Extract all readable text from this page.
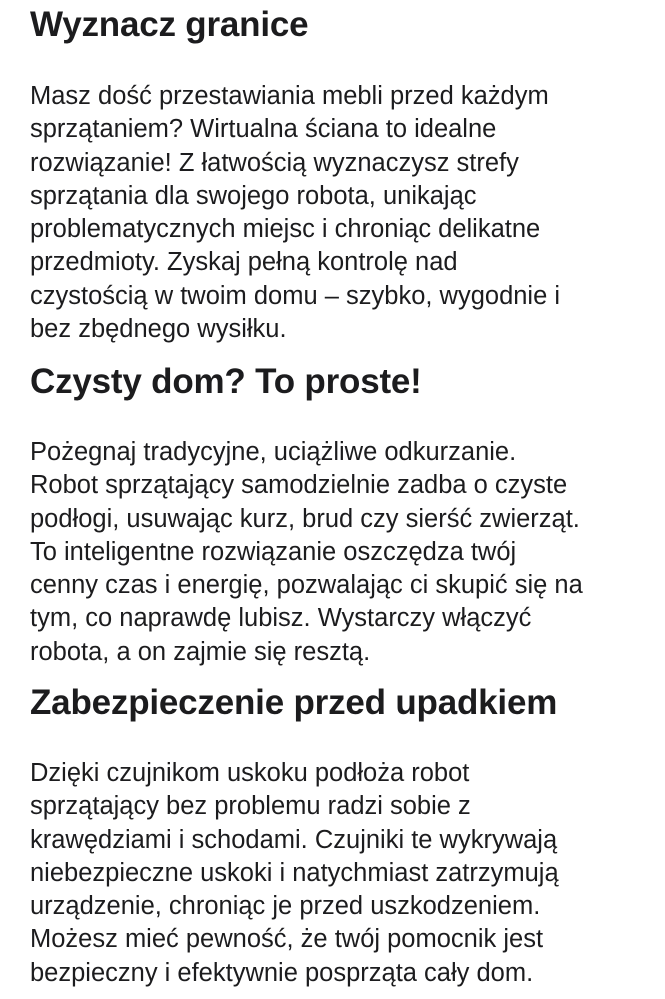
Wyznacz granice

Masz dość przestawiania mebli przed każdym
sprzątaniem? Wirtualna ściana to idealne
rozwiązanie! Z łatwością wyznaczysz strefy
sprzątania dla swojego robota, unikając
problematycznych miejsc i chroniąc delikatne
przedmioty. Zyskaj pełną kontrolę nad
czystością w twoim domu – szybko, wygodnie i
bez zbędnego wysiłku.

Czysty dom? To proste!

Pożegnaj tradycyjne, uciążliwe odkurzanie.
Robot sprzątający samodzielnie zadba o czyste
podłogi, usuwając kurz, brud czy sierść zwierząt.
To inteligentne rozwiązanie oszczędza twój
cenny czas i energię, pozwalając ci skupić się na
tym, co naprawdę lubisz. Wystarczy włączyć
robota, a on zajmie się resztą.

Zabezpieczenie przed upadkiem

Dzięki czujnikom uskoku podłoża robot
sprzątający bez problemu radzi sobie z
krawędziami i schodami. Czujniki te wykrywają
niebezpieczne uskoki i natychmiast zatrzymują
urządzenie, chroniąc je przed uszkodzeniem.
Możesz mieć pewność, że twój pomocnik jest
bezpieczny i efektywnie posprząta cały dom.
